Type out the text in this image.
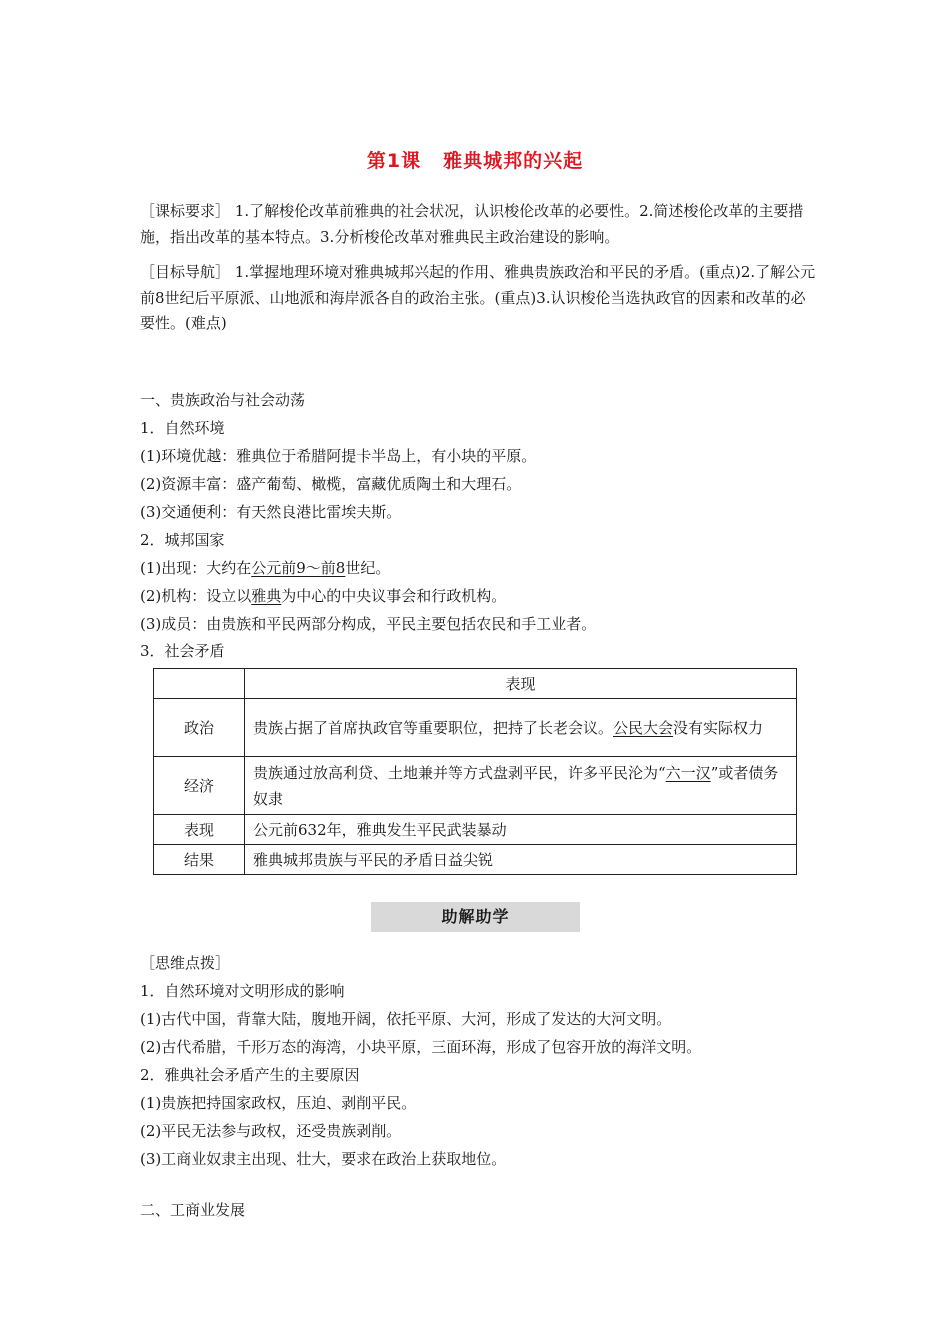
第1课 雅典城邦的兴起
［课标要求］ 1.了解梭伦改革前雅典的社会状况，认识梭伦改革的必要性。2.简述梭伦改革的主要措施，指出改革的基本特点。3.分析梭伦改革对雅典民主政治建设的影响。
［目标导航］ 1.掌握地理环境对雅典城邦兴起的作用、雅典贵族政治和平民的矛盾。(重点)2.了解公元前8世纪后平原派、山地派和海岸派各自的政治主张。(重点)3.认识梭伦当选执政官的因素和改革的必要性。(难点)
一、贵族政治与社会动荡
1．自然环境
(1)环境优越：雅典位于希腊阿提卡半岛上，有小块的平原。
(2)资源丰富：盛产葡萄、橄榄，富藏优质陶土和大理石。
(3)交通便利：有天然良港比雷埃夫斯。
2．城邦国家
(1)出现：大约在公元前9～前8世纪。
(2)机构：设立以雅典为中心的中央议事会和行政机构。
(3)成员：由贵族和平民两部分构成，平民主要包括农民和手工业者。
3．社会矛盾
	表现
政治	贵族占据了首席执政官等重要职位，把持了长老会议。公民大会没有实际权力
经济	贵族通过放高利贷、土地兼并等方式盘剥平民，许多平民沦为“六一汉”或者债务奴隶
表现	公元前632年，雅典发生平民武装暴动
结果	雅典城邦贵族与平民的矛盾日益尖锐
助解助学
［思维点拨］
1．自然环境对文明形成的影响
(1)古代中国，背靠大陆，腹地开阔，依托平原、大河，形成了发达的大河文明。
(2)古代希腊，千形万态的海湾，小块平原，三面环海，形成了包容开放的海洋文明。
2．雅典社会矛盾产生的主要原因
(1)贵族把持国家政权，压迫、剥削平民。
(2)平民无法参与政权，还受贵族剥削。
(3)工商业奴隶主出现、壮大，要求在政治上获取地位。
二、工商业发展
